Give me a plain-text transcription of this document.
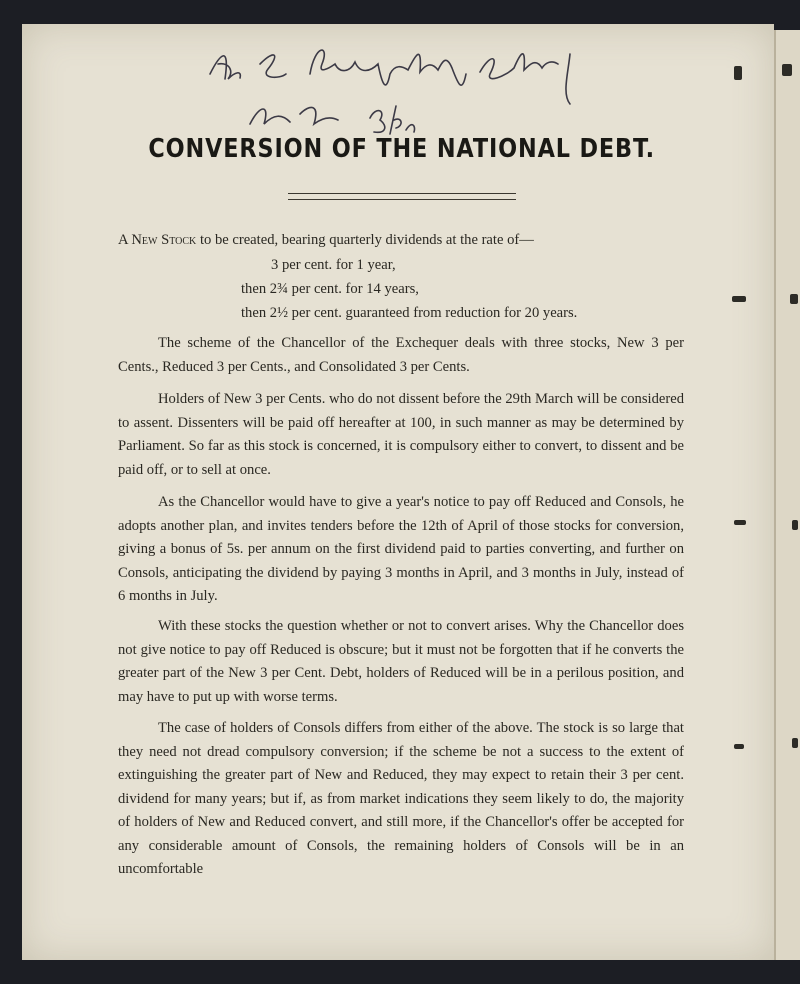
CONVERSION OF THE NATIONAL DEBT.
A New Stock to be created, bearing quarterly dividends at the rate of—
3 per cent. for 1 year,
then 2¾ per cent. for 14 years,
then 2½ per cent. guaranteed from reduction for 20 years.

The scheme of the Chancellor of the Exchequer deals with three stocks, New 3 per Cents., Reduced 3 per Cents., and Consolidated 3 per Cents.

Holders of New 3 per Cents. who do not dissent before the 29th March will be considered to assent. Dissenters will be paid off hereafter at 100, in such manner as may be determined by Parliament. So far as this stock is concerned, it is compulsory either to convert, to dissent and be paid off, or to sell at once.

As the Chancellor would have to give a year's notice to pay off Reduced and Consols, he adopts another plan, and invites tenders before the 12th of April of those stocks for conversion, giving a bonus of 5s. per annum on the first dividend paid to parties converting, and further on Consols, anticipating the dividend by paying 3 months in April, and 3 months in July, instead of 6 months in July.

With these stocks the question whether or not to convert arises. Why the Chancellor does not give notice to pay off Reduced is obscure; but it must not be forgotten that if he converts the greater part of the New 3 per Cent. Debt, holders of Reduced will be in a perilous position, and may have to put up with worse terms.

The case of holders of Consols differs from either of the above. The stock is so large that they need not dread compulsory conversion; if the scheme be not a success to the extent of extinguishing the greater part of New and Reduced, they may expect to retain their 3 per cent. dividend for many years; but if, as from market indications they seem likely to do, the majority of holders of New and Reduced convert, and still more, if the Chancellor's offer be accepted for any considerable amount of Consols, the remaining holders of Consols will be in an uncomfortable
